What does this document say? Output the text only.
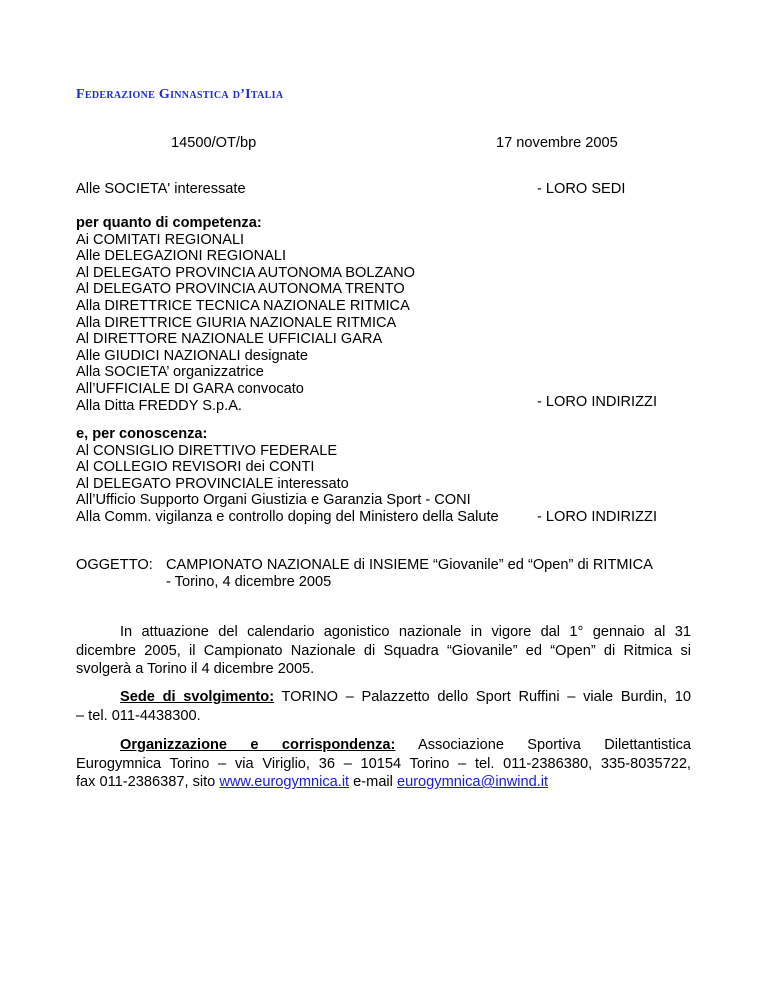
Federazione Ginnastica d’Italia
14500/OT/bp	17 novembre 2005
Alle SOCIETA' interessate	- LORO SEDI
per quanto di competenza:
Ai COMITATI REGIONALI
Alle DELEGAZIONI REGIONALI
Al DELEGATO PROVINCIA AUTONOMA BOLZANO
Al DELEGATO PROVINCIA AUTONOMA TRENTO
Alla DIRETTRICE TECNICA NAZIONALE RITMICA
Alla DIRETTRICE GIURIA NAZIONALE RITMICA
Al DIRETTORE NAZIONALE UFFICIALI GARA
Alle GIUDICI NAZIONALI designate
Alla SOCIETA’ organizzatrice
All’UFFICIALE DI GARA convocato
Alla Ditta FREDDY S.p.A.	- LORO INDIRIZZI
e, per conoscenza:
Al CONSIGLIO DIRETTIVO FEDERALE
Al COLLEGIO REVISORI dei CONTI
Al DELEGATO PROVINCIALE interessato
All’Ufficio Supporto Organi Giustizia e Garanzia Sport - CONI
Alla Comm. vigilanza e controllo doping del Ministero della Salute	- LORO INDIRIZZI
OGGETTO: CAMPIONATO NAZIONALE di INSIEME “Giovanile” ed “Open” di RITMICA
- Torino, 4 dicembre 2005
In attuazione del calendario agonistico nazionale in vigore dal 1° gennaio al 31
dicembre 2005, il Campionato Nazionale di Squadra “Giovanile” ed “Open” di Ritmica si
svolgerà a Torino il 4 dicembre 2005.
Sede di svolgimento: TORINO – Palazzetto dello Sport Ruffini – viale Burdin, 10
– tel. 011-4438300.
Organizzazione e corrispondenza: Associazione Sportiva Dilettantistica
Eurogymnica Torino – via Viriglio, 36 – 10154 Torino – tel. 011-2386380, 335-8035722,
fax 011-2386387, sito www.eurogymnica.it e-mail eurogymnica@inwind.it
